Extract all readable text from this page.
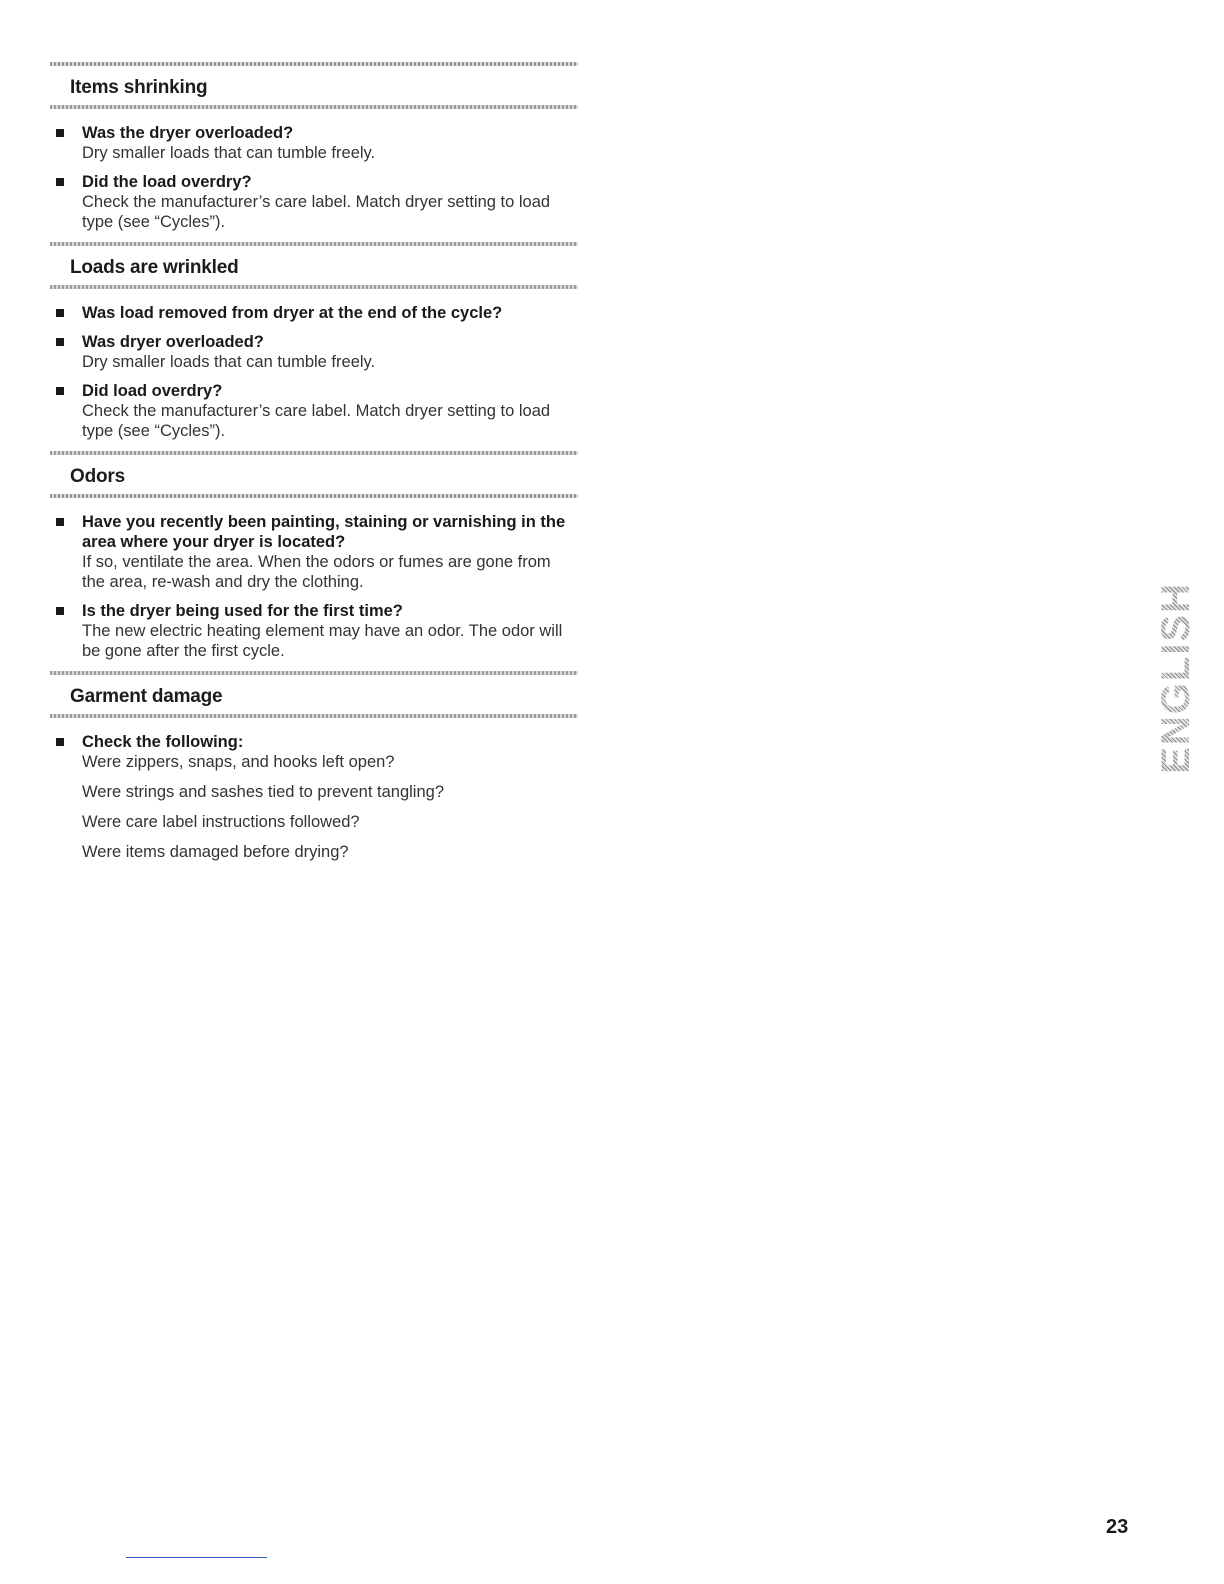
Items shrinking
Was the dryer overloaded?
Dry smaller loads that can tumble freely.
Did the load overdry?
Check the manufacturer’s care label. Match dryer setting to load type (see “Cycles”).
Loads are wrinkled
Was load removed from dryer at the end of the cycle?
Was dryer overloaded?
Dry smaller loads that can tumble freely.
Did load overdry?
Check the manufacturer’s care label. Match dryer setting to load type (see “Cycles”).
Odors
Have you recently been painting, staining or varnishing in the area where your dryer is located?
If so, ventilate the area. When the odors or fumes are gone from the area, re-wash and dry the clothing.
Is the dryer being used for the first time?
The new electric heating element may have an odor. The odor will be gone after the first cycle.
Garment damage
Check the following:
Were zippers, snaps, and hooks left open?
Were strings and sashes tied to prevent tangling?
Were care label instructions followed?
Were items damaged before drying?
ENGLISH
23
